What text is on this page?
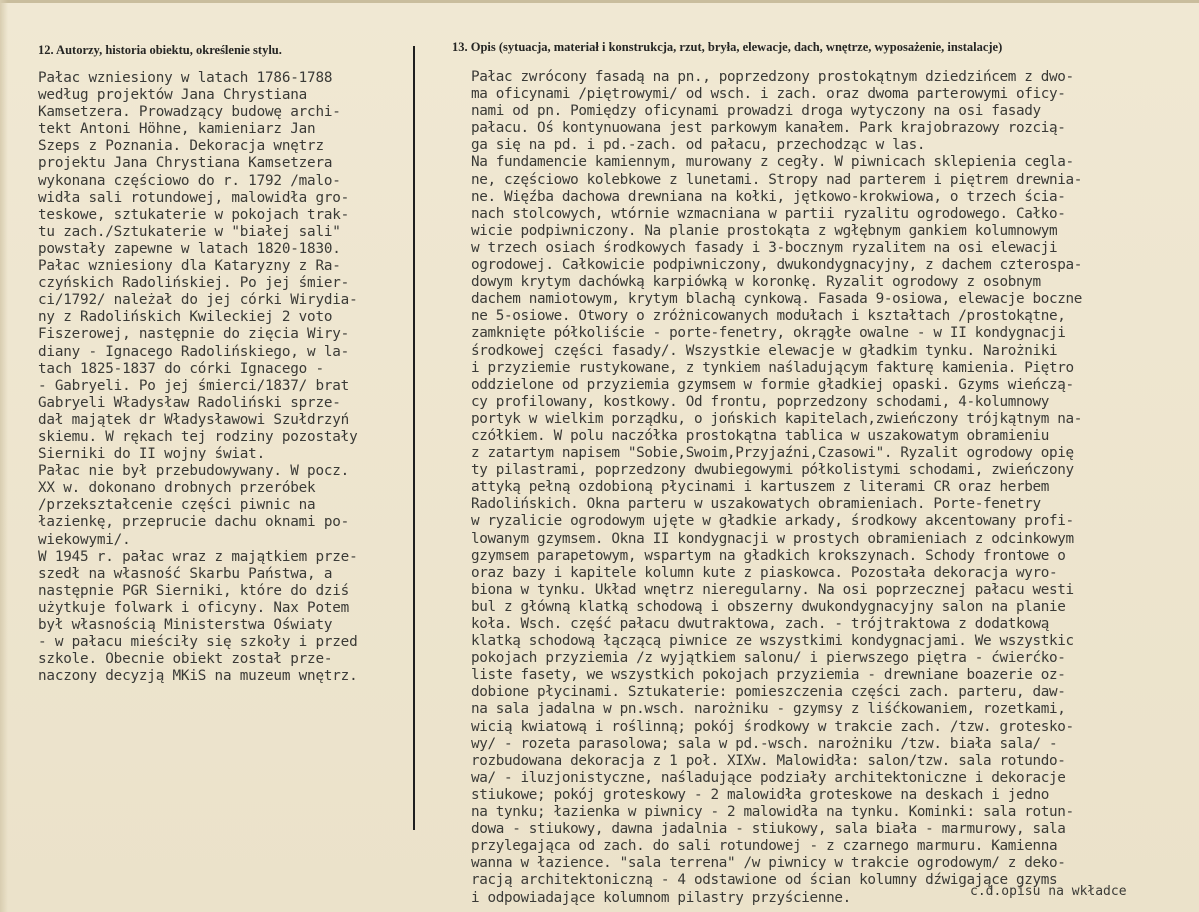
12. Autorzy, historia obiektu, określenie stylu.	13. Opis (sytuacja, materiał i konstrukcja, rzut, bryła, elewacje, dach, wnętrze, wyposażenie, instalacje)
Pałac wzniesiony w latach 1786-1788
według projektów Jana Chrystiana
Kamsetzera. Prowadzący budowę archi-
tekt Antoni Höhne, kamieniarz Jan
Szeps z Poznania. Dekoracja wnętrz
projektu Jana Chrystiana Kamsetzera
wykonana częściowo do r. 1792 /malo-
widła sali rotundowej, malowidła gro-
teskowe, sztukaterie w pokojach trak-
tu zach./Sztukaterie w "białej sali"
powstały zapewne w latach 1820-1830.
Pałac wzniesiony dla Kataryzny z Ra-
czyńskich Radolińskiej. Po jej śmier-
ci/1792/ należał do jej córki Wirydia-
ny z Radolińskich Kwileckiej 2 voto
Fiszerowej, następnie do zięcia Wiry-
diany - Ignacego Radolińskiego, w la-
tach 1825-1837 do córki Ignacego -
- Gabryeli. Po jej śmierci/1837/ brat
Gabryeli Władysław Radoliński sprze-
dał majątek dr Władysławowi Szułdrzyń
skiemu. W rękach tej rodziny pozostały
Sierniki do II wojny świat.
Pałac nie był przebudowywany. W pocz.
XX w. dokonano drobnych przeróbek
/przekształcenie części piwnic na
łazienkę, przeprucie dachu oknami po-
wiekowymi/.
W 1945 r. pałac wraz z majątkiem prze-
szedł na własność Skarbu Państwa, a
następnie PGR Sierniki, które do dziś
użytkuje folwark i oficyny. Nax Potem
był własnością Ministerstwa Oświaty
- w pałacu mieściły się szkoły i przed
szkole. Obecnie obiekt został prze-
naczony decyzją MKiS na muzeum wnętrz.
Pałac zwrócony fasadą na pn., poprzedzony prostokątnym dziedzińcem z dwo-
ma oficynami /piętrowymi/ od wsch. i zach. oraz dwoma parterowymi oficy-
nami od pn. Pomiędzy oficynami prowadzi droga wytyczony na osi fasady
pałacu. Oś kontynuowana jest parkowym kanałem. Park krajobrazowy rozcią-
ga się na pd. i pd.-zach. od pałacu, przechodząc w las.
Na fundamencie kamiennym, murowany z cegły. W piwnicach sklepienia cegla-
ne, częściowo kolebkowe z lunetami. Stropy nad parterem i piętrem drewnia-
ne. Więźba dachowa drewniana na kołki, jętkowo-krokwiowa, o trzech ścia-
nach stolcowych, wtórnie wzmacniana w partii ryzalitu ogrodowego. Całko-
wicie podpiwniczony. Na planie prostokąta z wgłębnym gankiem kolumnowym
w trzech osiach środkowych fasady i 3-bocznym ryzalitem na osi elewacji
ogrodowej. Całkowicie podpiwniczony, dwukondygnacyjny, z dachem czterospa-
dowym krytym dachówką karpiówką w koronkę. Ryzalit ogrodowy z osobnym
dachem namiotowym, krytym blachą cynkową. Fasada 9-osiowa, elewacje boczne
ne 5-osiowe. Otwory o zróżnicowanych modułach i kształtach /prostokątne,
zamknięte półkoliście - porte-fenetry, okrągłe owalne - w II kondygnacji
środkowej części fasady/. Wszystkie elewacje w gładkim tynku. Narożniki
i przyziemie rustykowane, z tynkiem naśladującym fakturę kamienia. Piętro
oddzielone od przyziemia gzymsem w formie gładkiej opaski. Gzyms wieńczą-
cy profilowany, kostkowy. Od frontu, poprzedzony schodami, 4-kolumnowy
portyk w wielkim porządku, o jońskich kapitelach,zwieńczony trójkątnym na-
czółkiem. W polu naczółka prostokątna tablica w uszakowatym obramieniu
z zatartym napisem "Sobie,Swoim,Przyjaźni,Czasowi". Ryzalit ogrodowy opię
ty pilastrami, poprzedzony dwubiegowymi półkolistymi schodami, zwieńczony
attyką pełną ozdobioną płycinami i kartuszem z literami CR oraz herbem
Radolińskich. Okna parteru w uszakowatych obramieniach. Porte-fenetry
w ryzalicie ogrodowym ujęte w gładkie arkady, środkowy akcentowany profi-
lowanym gzymsem. Okna II kondygnacji w prostych obramieniach z odcinkowym
gzymsem parapetowym, wspartym na gładkich krokszynach. Schody frontowe o
oraz bazy i kapitele kolumn kute z piaskowca. Pozostała dekoracja wyro-
biona w tynku. Układ wnętrz nieregularny. Na osi poprzecznej pałacu westi
bul z główną klatką schodową i obszerny dwukondygnacyjny salon na planie
koła. Wsch. część pałacu dwutraktowa, zach. - trójtraktowa z dodatkową
klatką schodową łączącą piwnice ze wszystkimi kondygnacjami. We wszystkic
pokojach przyziemia /z wyjątkiem salonu/ i pierwszego piętra - ćwierćko-
liste fasety, we wszystkich pokojach przyziemia - drewniane boazerie oz-
dobione płycinami. Sztukaterie: pomieszczenia części zach. parteru, daw-
na sala jadalna w pn.wsch. narożniku - gzymsy z liśćkowaniem, rozetkami,
wicią kwiatową i roślinną; pokój środkowy w trakcie zach. /tzw. grotesko-
wy/ - rozeta parasolowa; sala w pd.-wsch. narożniku /tzw. biała sala/ -
rozbudowana dekoracja z 1 poł. XIXw. Malowidła: salon/tzw. sala rotundo-
wa/ - iluzjonistyczne, naśladujące podziały architektoniczne i dekoracje
stiukowe; pokój groteskowy - 2 malowidła groteskowe na deskach i jedno
na tynku; łazienka w piwnicy - 2 malowidła na tynku. Kominki: sala rotun-
dowa - stiukowy, dawna jadalnia - stiukowy, sala biała - marmurowy, sala
przylegająca od zach. do sali rotundowej - z czarnego marmuru. Kamienna
wanna w łazience. "sala terrena" /w piwnicy w trakcie ogrodowym/ z deko-
racją architektoniczną - 4 odstawione od ścian kolumny dźwigające gzyms
i odpowiadające kolumnom pilastry przyścienne.	c.d.opisu na wkładce
